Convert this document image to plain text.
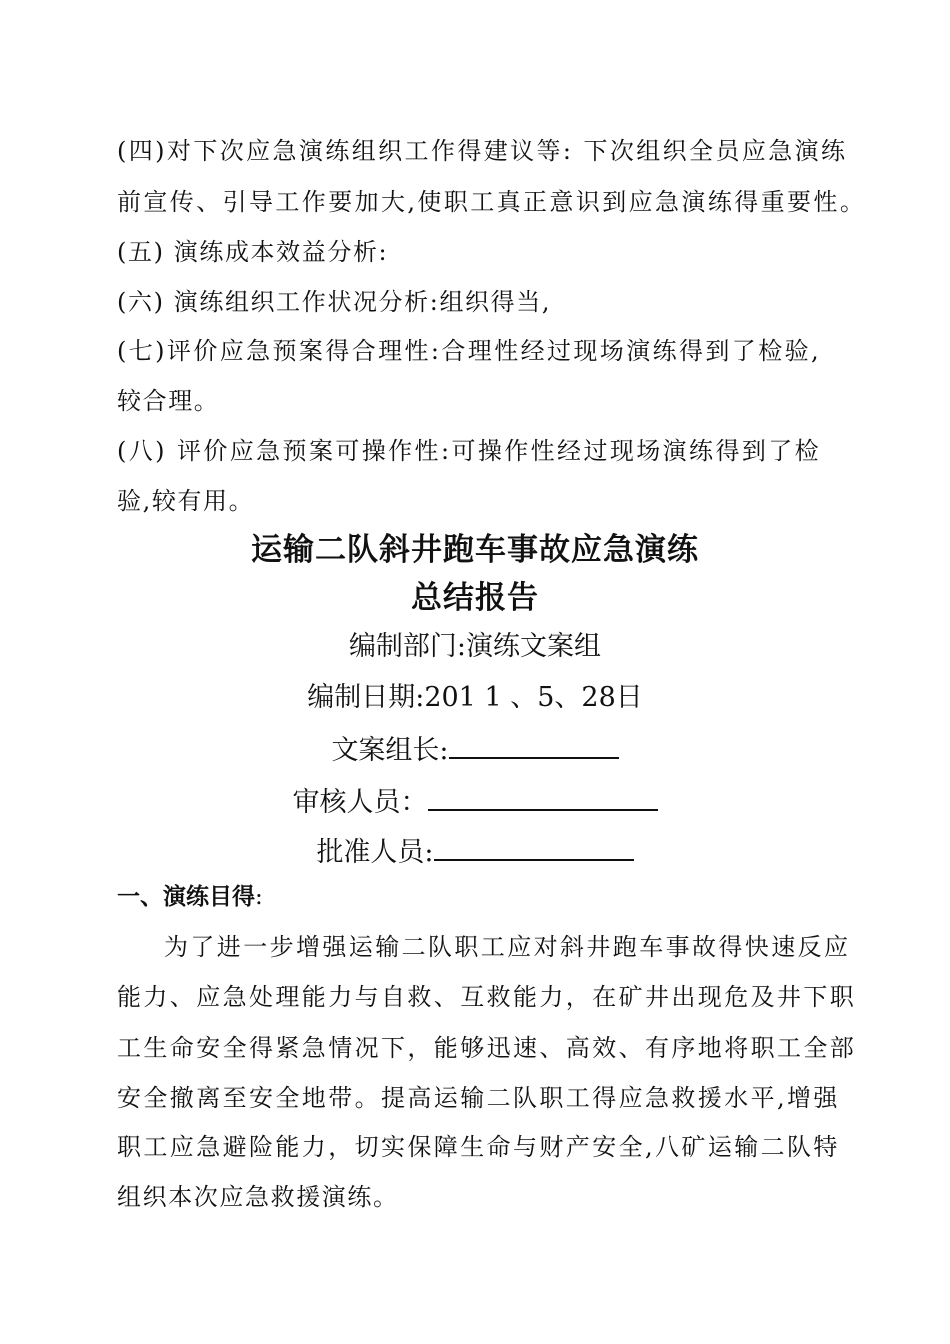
(四)对下次应急演练组织工作得建议等: 下次组织全员应急演练
前宣传、引导工作要加大,使职工真正意识到应急演练得重要性。
(五) 演练成本效益分析:
(六) 演练组织工作状况分析:组织得当,
(七)评价应急预案得合理性:合理性经过现场演练得到了检验,
较合理。
(八) 评价应急预案可操作性:可操作性经过现场演练得到了检
验,较有用。
运输二队斜井跑车事故应急演练
总结报告
编制部门:演练文案组
编制日期:201 1 、5、28日
文案组长:
审核人员：
批准人员:
一、演练目得:
为了进一步增强运输二队职工应对斜井跑车事故得快速反应
能力、应急处理能力与自救、互救能力，在矿井出现危及井下职
工生命安全得紧急情况下，能够迅速、高效、有序地将职工全部
安全撤离至安全地带。提高运输二队职工得应急救援水平,增强
职工应急避险能力，切实保障生命与财产安全,八矿运输二队特
组织本次应急救援演练。
